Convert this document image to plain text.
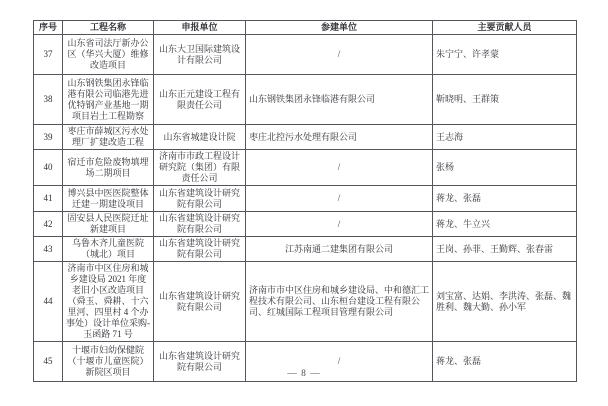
序号	工程名称	申报单位	参建单位	主要贡献人员
37	山东省司法厅新办公区（华兴大厦）维修改造项目	山东大卫国际建筑设计有限公司	/	朱宁宁、许孝蒙
38	山东钢铁集团永锋临港有限公司临港先进优特钢产业基地一期项目岩土工程勘察	山东正元建设工程有限责任公司	山东钢铁集团永锋临港有限公司	靳晓明、王群策
39	枣庄市薛城区污水处理厂扩建改造工程	山东省城建设计院	枣庄北控污水处理有限公司	王志海
40	宿迁市危险废物填埋场二期项目	济南市市政工程设计研究院（集团）有限责任公司	/	张杨
41	博兴县中医医院整体迁建一期建设项目	山东省建筑设计研究院有限公司	/	蒋龙、张磊
42	固安县人民医院迁址新建项目	山东省建筑设计研究院有限公司	/	蒋龙、牛立兴
43	乌鲁木齐儿童医院（城北）项目	山东省建筑设计研究院有限公司	江苏南通二建集团有限公司	王岗、孙菲、王勤辉、张春雷
44	济南市中区住房和城乡建设局 2021 年度老旧小区改造项目（舜玉、舜耕、十六里河、四里村 4 个办事处）设计单位采购-玉函路 71 号	山东省建筑设计研究院有限公司	济南市市中区住房和城乡建设局、中和德汇工程技术有限公司、山东桓台建设工程有限公司、红城国际工程项目管理有限公司	刘宝富、达娟、李洪涛、张磊、魏胜利、魏大勤、孙小军
45	十堰市妇幼保健院（十堰市儿童医院）新院区项目	山东省建筑设计研究院有限公司	/	蒋龙、张磊
— 8 —
